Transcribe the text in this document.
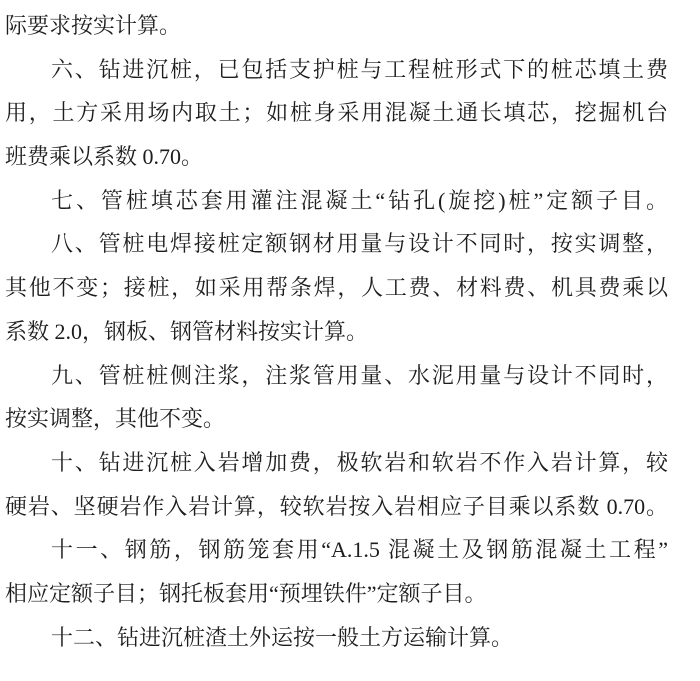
际要求按实计算。
六、钻进沉桩，已包括支护桩与工程桩形式下的桩芯填土费
用，土方采用场内取土；如桩身采用混凝土通长填芯，挖掘机台
班费乘以系数 0.70。
七、管桩填芯套用灌注混凝土“钻孔(旋挖)桩”定额子目。
八、管桩电焊接桩定额钢材用量与设计不同时，按实调整，
其他不变；接桩，如采用帮条焊，人工费、材料费、机具费乘以
系数 2.0，钢板、钢管材料按实计算。
九、管桩桩侧注浆，注浆管用量、水泥用量与设计不同时，
按实调整，其他不变。
十、钻进沉桩入岩增加费，极软岩和软岩不作入岩计算，较
硬岩、坚硬岩作入岩计算，较软岩按入岩相应子目乘以系数 0.70。
十一、钢筋，钢筋笼套用“A.1.5 混凝土及钢筋混凝土工程”
相应定额子目；钢托板套用“预埋铁件”定额子目。
十二、钻进沉桩渣土外运按一般土方运输计算。
